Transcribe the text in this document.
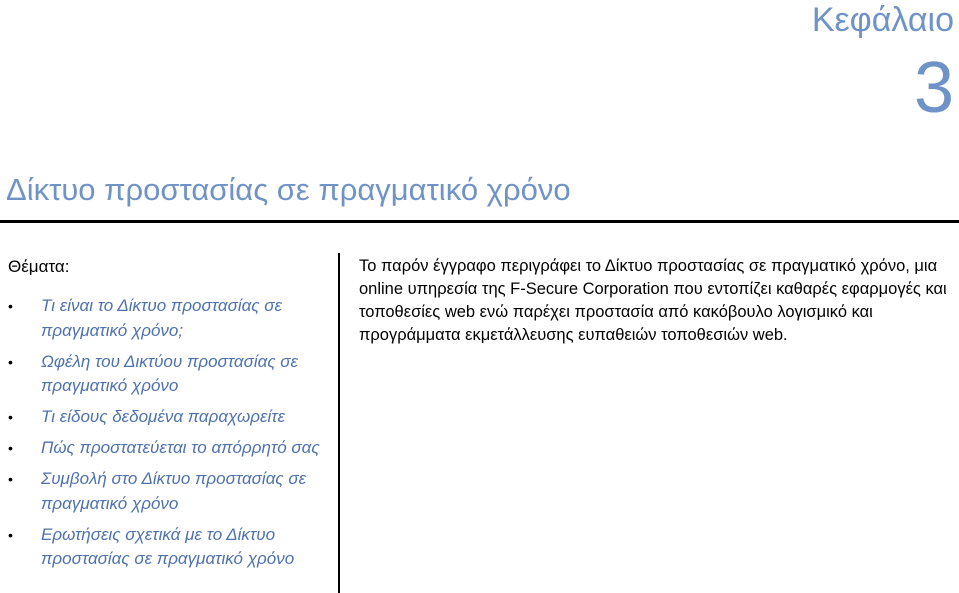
Κεφάλαιο
3
Δίκτυο προστασίας σε πραγματικό χρόνο
Θέματα:
• Τι είναι το Δίκτυο προστασίας σε πραγματικό χρόνο;
• Ωφέλη του Δικτύου προστασίας σε πραγματικό χρόνο
• Τι είδους δεδομένα παραχωρείτε
• Πώς προστατεύεται το απόρρητό σας
• Συμβολή στο Δίκτυο προστασίας σε πραγματικό χρόνο
• Ερωτήσεις σχετικά με το Δίκτυο προστασίας σε πραγματικό χρόνο

Το παρόν έγγραφο περιγράφει το Δίκτυο προστασίας σε πραγματικό χρόνο, μια online υπηρεσία της F-Secure Corporation που εντοπίζει καθαρές εφαρμογές και τοποθεσίες web ενώ παρέχει προστασία από κακόβουλο λογισμικό και προγράμματα εκμετάλλευσης ευπαθειών τοποθεσιών web.
